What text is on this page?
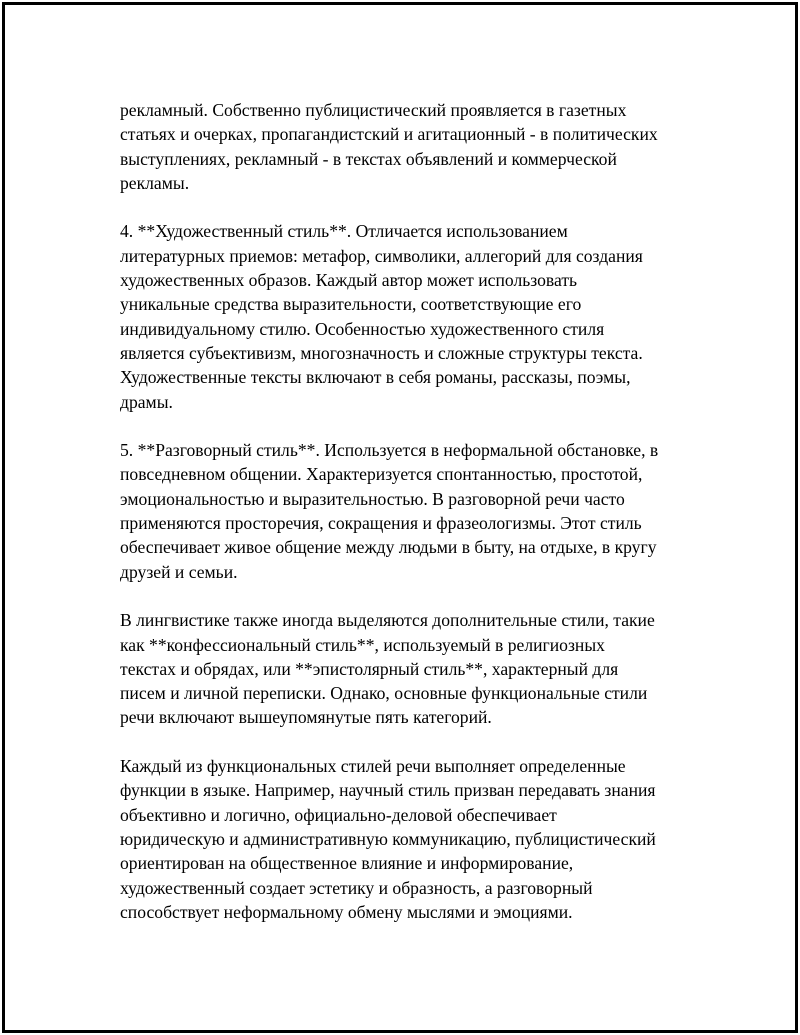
рекламный. Собственно публицистический проявляется в газетных
статьях и очерках, пропагандистский и агитационный - в политических
выступлениях, рекламный - в текстах объявлений и коммерческой
рекламы.

4. **Художественный стиль**. Отличается использованием
литературных приемов: метафор, символики, аллегорий для создания
художественных образов. Каждый автор может использовать
уникальные средства выразительности, соответствующие его
индивидуальному стилю. Особенностью художественного стиля
является субъективизм, многозначность и сложные структуры текста.
Художественные тексты включают в себя романы, рассказы, поэмы,
драмы.

5. **Разговорный стиль**. Используется в неформальной обстановке, в
повседневном общении. Характеризуется спонтанностью, простотой,
эмоциональностью и выразительностью. В разговорной речи часто
применяются просторечия, сокращения и фразеологизмы. Этот стиль
обеспечивает живое общение между людьми в быту, на отдыхе, в кругу
друзей и семьи.

В лингвистике также иногда выделяются дополнительные стили, такие
как **конфессиональный стиль**, используемый в религиозных
текстах и обрядах, или **эпистолярный стиль**, характерный для
писем и личной переписки. Однако, основные функциональные стили
речи включают вышеупомянутые пять категорий.

Каждый из функциональных стилей речи выполняет определенные
функции в языке. Например, научный стиль призван передавать знания
объективно и логично, официально-деловой обеспечивает
юридическую и административную коммуникацию, публицистический
ориентирован на общественное влияние и информирование,
художественный создает эстетику и образность, а разговорный
способствует неформальному обмену мыслями и эмоциями.
